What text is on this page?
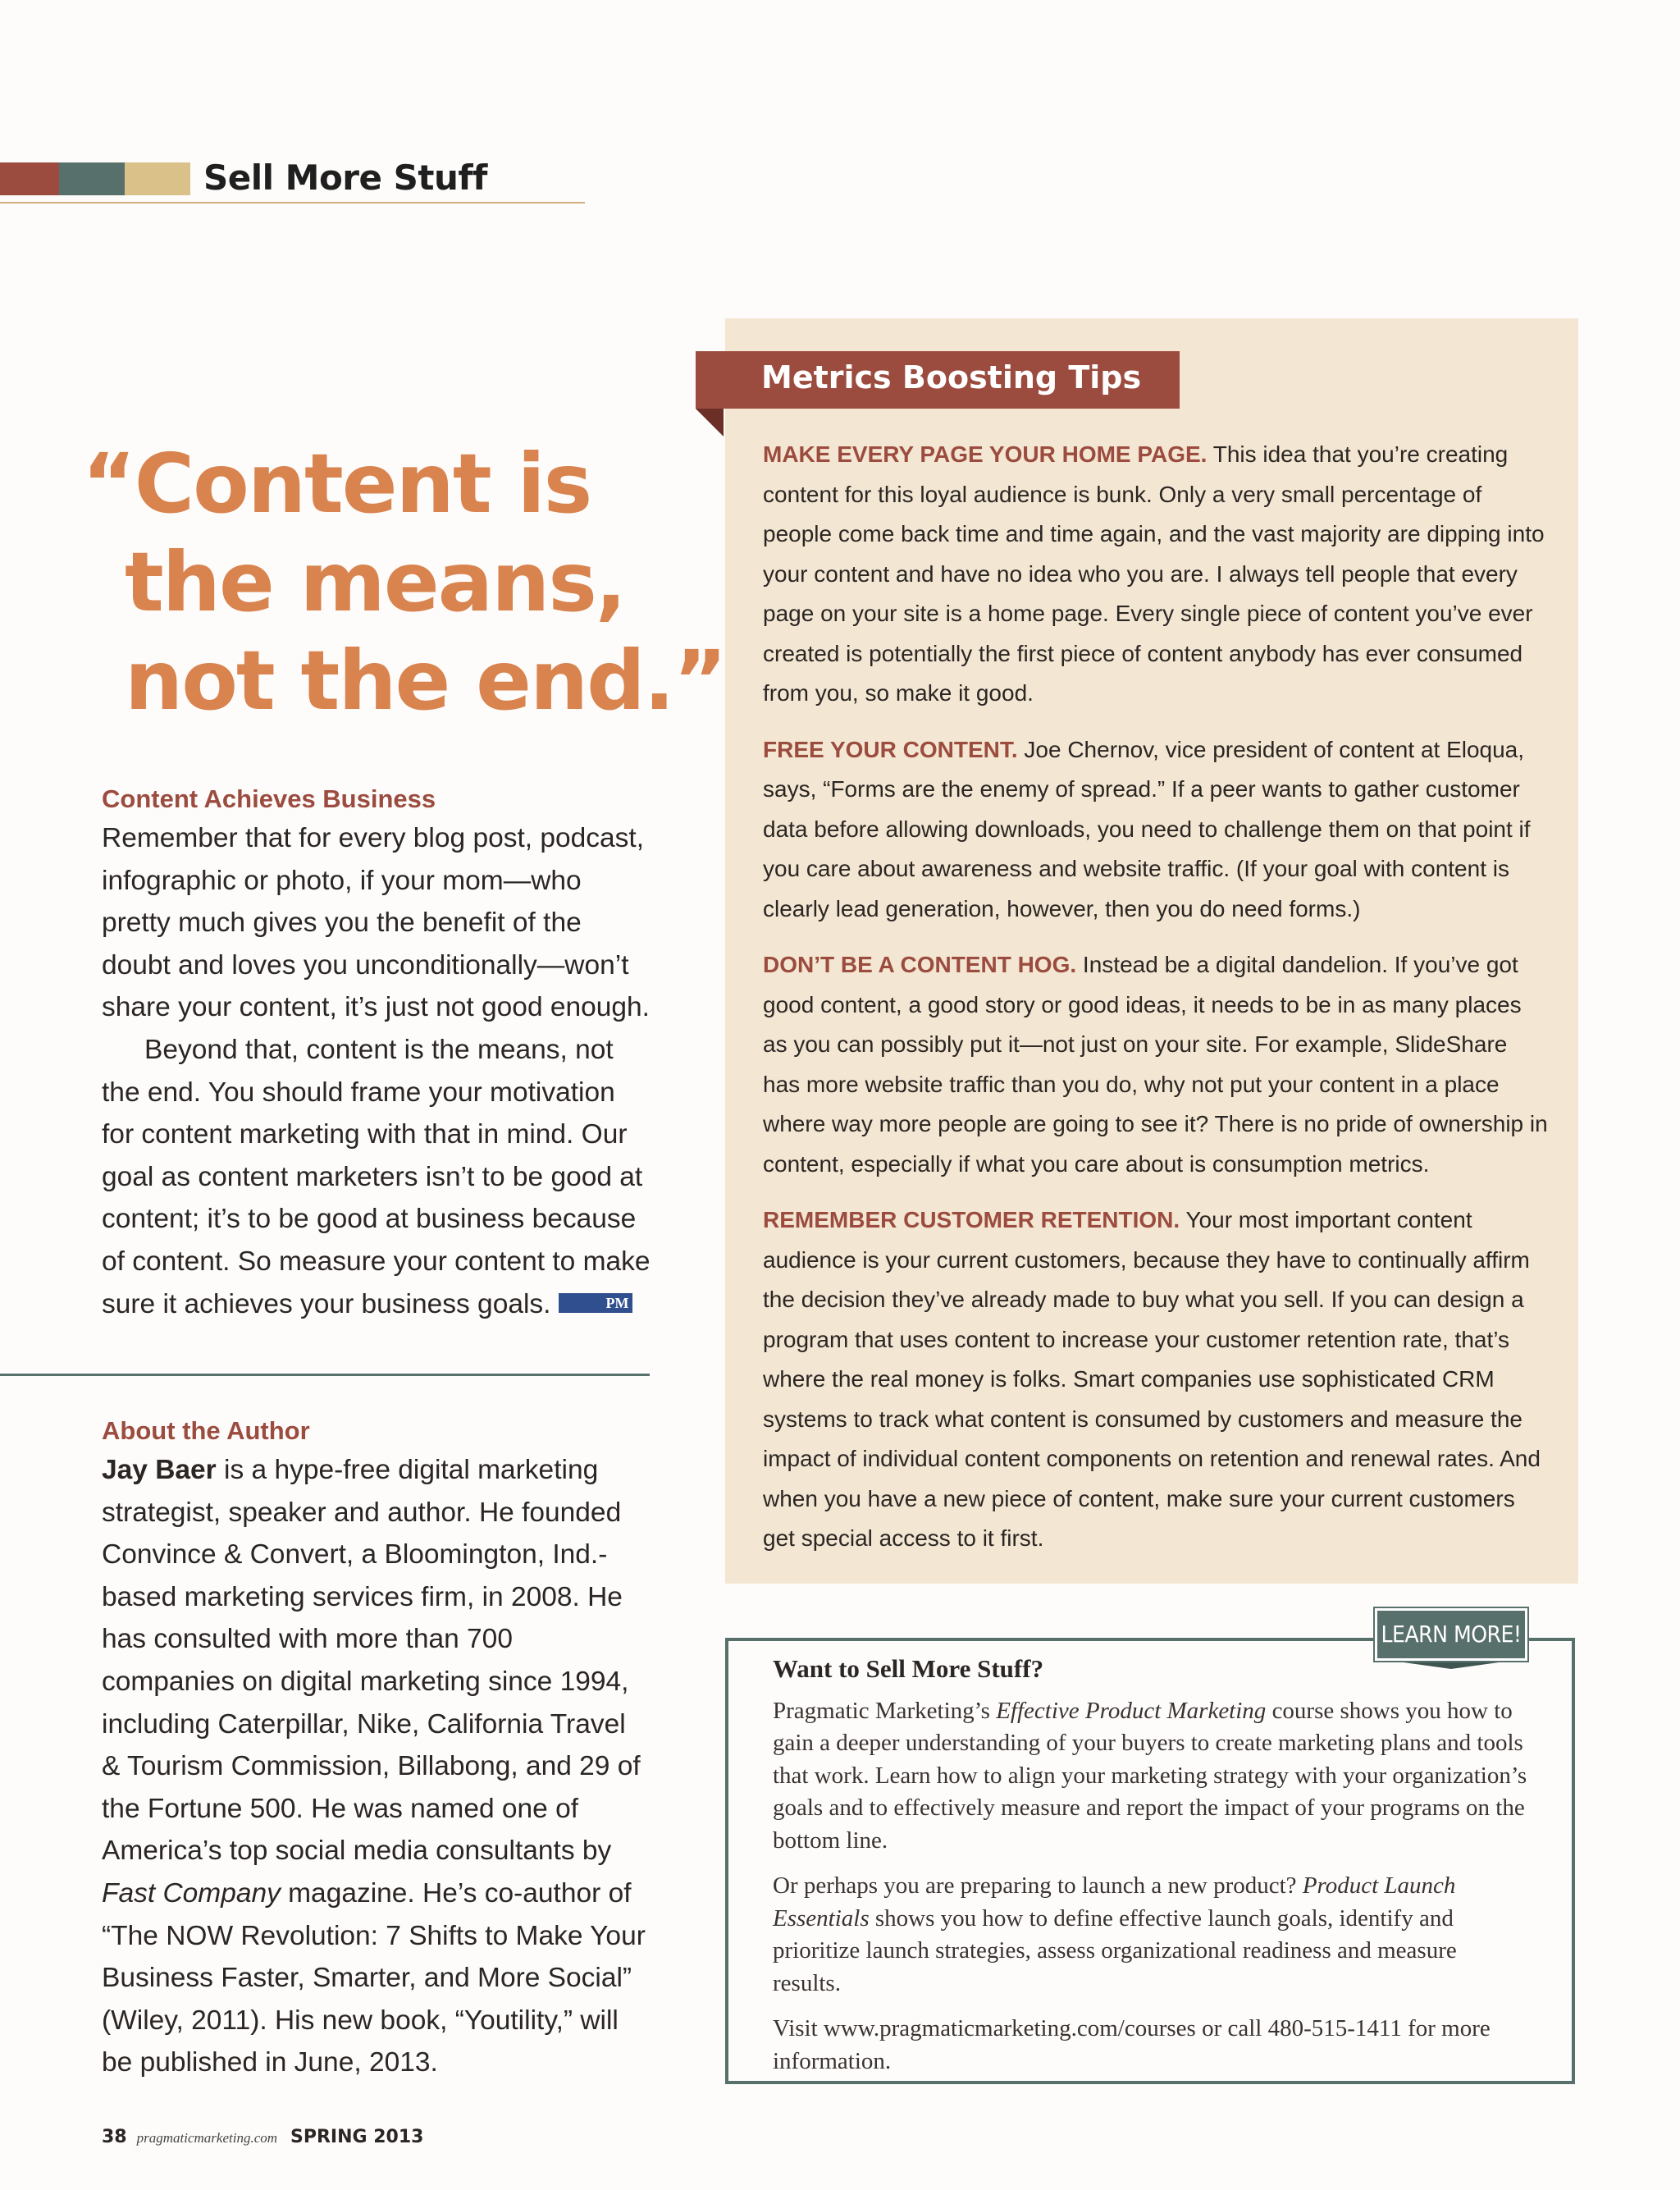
Sell More Stuff
“Content is
the means,
not the end.”
Content Achieves Business

Remember that for every blog post, podcast, infographic or photo, if your mom—who pretty much gives you the benefit of the doubt and loves you unconditionally—won’t share your content, it’s just not good enough.

Beyond that, content is the means, not the end. You should frame your motivation for content marketing with that in mind. Our goal as content marketers isn’t to be good at content; it’s to be good at business because of content. So measure your content to make sure it achieves your business goals.	PM

About the Author

Jay Baer is a hype-free digital marketing strategist, speaker and author. He founded Convince & Convert, a Bloomington, Ind.-based marketing services firm, in 2008. He has consulted with more than 700 companies on digital marketing since 1994, including Caterpillar, Nike, California Travel & Tourism Commission, Billabong, and 29 of the Fortune 500. He was named one of America’s top social media consultants by Fast Company magazine. He’s co-author of “The NOW Revolution: 7 Shifts to Make Your Business Faster, Smarter, and More Social” (Wiley, 2011). His new book, “Youtility,” will be published in June, 2013.

Metrics Boosting Tips

MAKE EVERY PAGE YOUR HOME PAGE. This idea that you’re creating content for this loyal audience is bunk. Only a very small percentage of people come back time and time again, and the vast majority are dipping into your content and have no idea who you are. I always tell people that every page on your site is a home page. Every single piece of content you’ve ever created is potentially the first piece of content anybody has ever consumed from you, so make it good.

FREE YOUR CONTENT. Joe Chernov, vice president of content at Eloqua, says, “Forms are the enemy of spread.” If a peer wants to gather customer data before allowing downloads, you need to challenge them on that point if you care about awareness and website traffic. (If your goal with content is clearly lead generation, however, then you do need forms.)

DON’T BE A CONTENT HOG. Instead be a digital dandelion. If you’ve got good content, a good story or good ideas, it needs to be in as many places as you can possibly put it—not just on your site. For example, SlideShare has more website traffic than you do, why not put your content in a place where way more people are going to see it? There is no pride of ownership in content, especially if what you care about is consumption metrics.

REMEMBER CUSTOMER RETENTION. Your most important content audience is your current customers, because they have to continually affirm the decision they’ve already made to buy what you sell. If you can design a program that uses content to increase your customer retention rate, that’s where the real money is folks. Smart companies use sophisticated CRM systems to track what content is consumed by customers and measure the impact of individual content components on retention and renewal rates. And when you have a new piece of content, make sure your current customers get special access to it first.

LEARN MORE!
Want to Sell More Stuff?

Pragmatic Marketing’s Effective Product Marketing course shows you how to gain a deeper understanding of your buyers to create marketing plans and tools that work. Learn how to align your marketing strategy with your organization’s goals and to effectively measure and report the impact of your programs on the bottom line.

Or perhaps you are preparing to launch a new product? Product Launch Essentials shows you how to define effective launch goals, identify and prioritize launch strategies, assess organizational readiness and measure results.

Visit www.pragmaticmarketing.com/courses or call 480-515-1411 for more information.

38 pragmaticmarketing.com SPRING 2013
